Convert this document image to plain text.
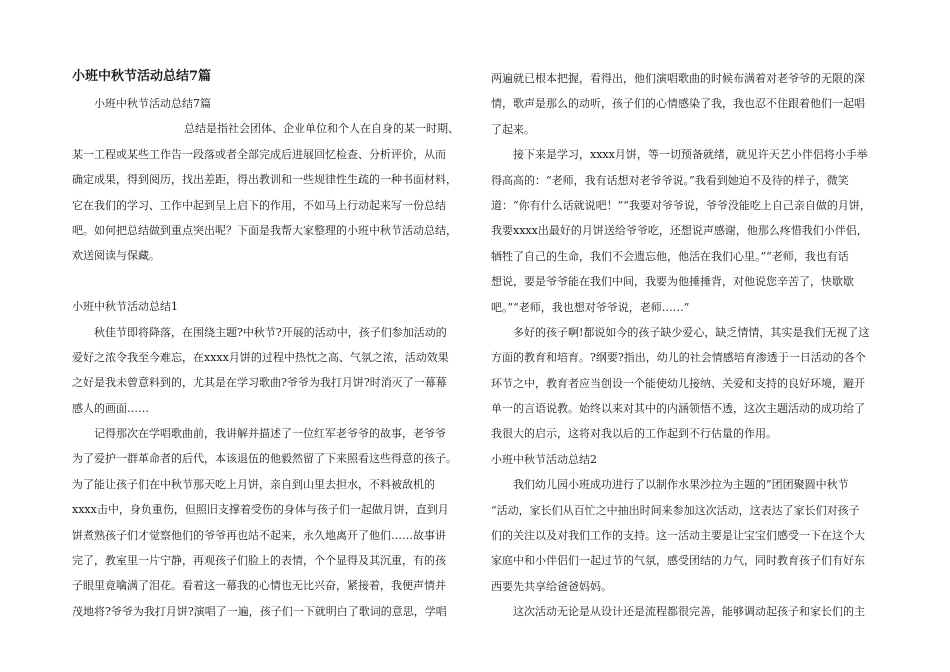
小班中秋节活动总结7篇
小班中秋节活动总结7篇
总结是指社会团体、企业单位和个人在自身的某一时期、
某一工程或某些工作告一段落或者全部完成后进展回忆检查、分析评价，从而
确定成果，得到阅历，找出差距，得出教训和一些规律性生疏的一种书面材料，
它在我们的学习、工作中起到呈上启下的作用，不如马上行动起来写一份总结
吧。如何把总结做到重点突出呢？下面是我帮大家整理的小班中秋节活动总结，
欢送阅读与保藏。
小班中秋节活动总结1
秋佳节即将降落，在围绕主题?中秋节?开展的活动中，孩子们参加活动的
爱好之浓令我至今难忘，在xxxx月饼的过程中热忱之高、气氛之浓，活动效果
之好是我未曾意料到的，尤其是在学习歌曲?爷爷为我打月饼?时消灭了一幕幕
感人的画面……
记得那次在学唱歌曲前，我讲解并描述了一位红军老爷爷的故事，老爷爷
为了爱护一群革命者的后代，本该退伍的他毅然留了下来照看这些得意的孩子。
为了能让孩子们在中秋节那天吃上月饼，亲自到山里去担水，不料被敌机的
xxxx击中，身负重伤，但照旧支撑着受伤的身体与孩子们一起做月饼，直到月
饼煮熟孩子们才觉察他们的爷爷再也站不起来，永久地离开了他们……故事讲
完了，教室里一片宁静，再观孩子们脸上的表情，个个显得及其沉重，有的孩
子眼里竟噙满了泪花。看着这一幕我的心情也无比兴奋，紧接着，我便声情并
茂地将?爷爷为我打月饼?演唱了一遍，孩子们一下就明白了歌词的意思，学唱
两遍就已根本把握，看得出，他们演唱歌曲的时候布满着对老爷爷的无限的深
情，歌声是那么的动听，孩子们的心情感染了我，我也忍不住跟着他们一起唱
了起来。
接下来是学习，xxxx月饼，等一切预备就绪，就见许天艺小伴侣将小手举
得高高的：“老师，我有话想对老爷爷说。”我看到她迫不及待的样子，微笑
道：“你有什么话就说吧！”“我要对爷爷说，爷爷没能吃上自己亲自做的月饼，
我要xxxx出最好的月饼送给爷爷吃，还想说声感谢，他那么疼惜我们小伴侣，
牺牲了自己的生命，我们不会遗忘他，他活在我们心里。”“老师，我也有话
想说，要是爷爷能在我们中间，我要为他捶捶背，对他说您辛苦了，快歇歇
吧。”“老师，我也想对爷爷说，老师……”
多好的孩子啊!都说如今的孩子缺少爱心，缺乏情情，其实是我们无视了这
方面的教育和培育。?纲要?指出，幼儿的社会情感培育渗透于一日活动的各个
环节之中，教育者应当创设一个能使幼儿接纳、关爱和支持的良好环境，避开
单一的言语说教。始终以来对其中的内涵领悟不透，这次主题活动的成功给了
我很大的启示，这将对我以后的工作起到不行估量的作用。
小班中秋节活动总结2
我们幼儿园小班成功进行了以制作水果沙拉为主题的”团团聚圆中秋节
“活动，家长们从百忙之中抽出时间来参加这次活动，这表达了家长们对孩子
们的关注以及对我们工作的支持。这一活动主要是让宝宝们感受一下在这个大
家庭中和小伴侣们一起过节的气氛，感受团结的力气，同时教育孩子们有好东
西要先共享给爸爸妈妈。
这次活动无论是从设计还是流程都很完善，能够调动起孩子和家长们的主
